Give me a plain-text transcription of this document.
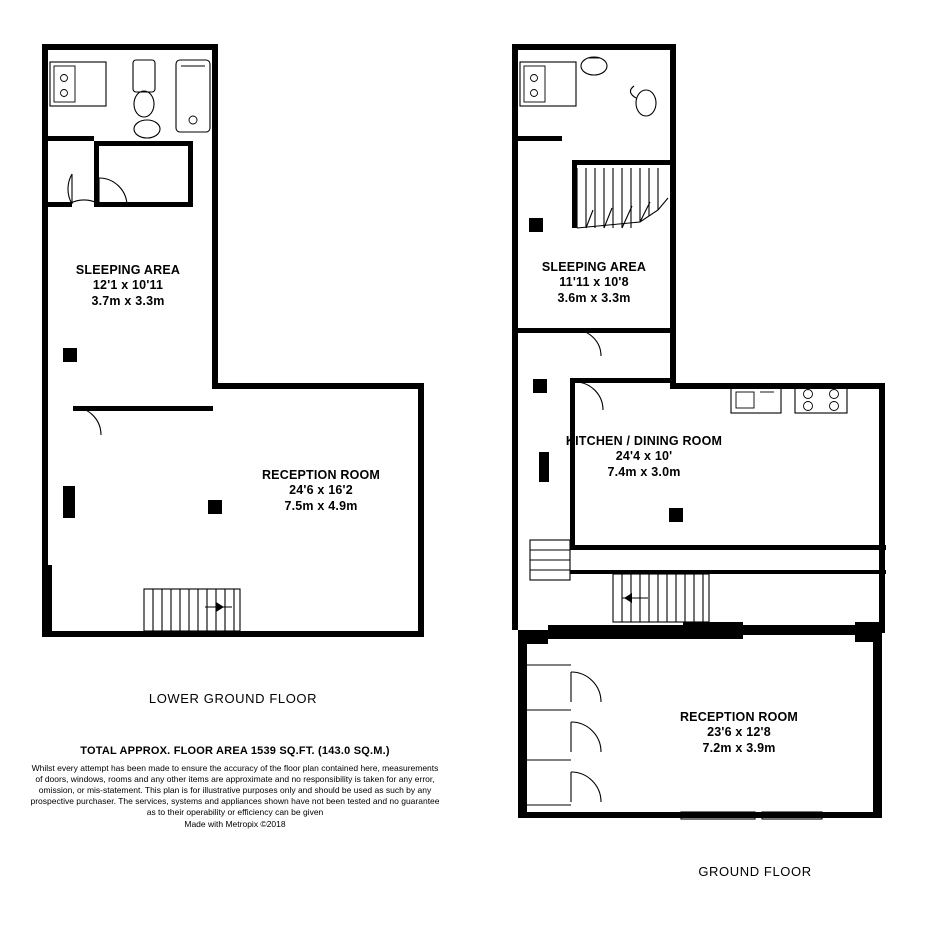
SLEEPING AREA
12'1 x 10'11
3.7m x 3.3m
RECEPTION ROOM
24'6 x 16'2
7.5m x 4.9m
LOWER GROUND FLOOR
SLEEPING AREA
11'11 x 10'8
3.6m x 3.3m
KITCHEN / DINING ROOM
24'4 x 10'
7.4m x 3.0m
RECEPTION ROOM
23'6 x 12'8
7.2m x 3.9m
GROUND FLOOR
TOTAL APPROX. FLOOR AREA 1539 SQ.FT. (143.0 SQ.M.)
Whilst every attempt has been made to ensure the accuracy of the floor plan contained here, measurements
of doors, windows, rooms and any other items are approximate and no responsibility is taken for any error,
omission, or mis-statement. This plan is for illustrative purposes only and should be used as such by any
prospective purchaser. The services, systems and appliances shown have not been tested and no guarantee
as to their operability or efficiency can be given
Made with Metropix ©2018
